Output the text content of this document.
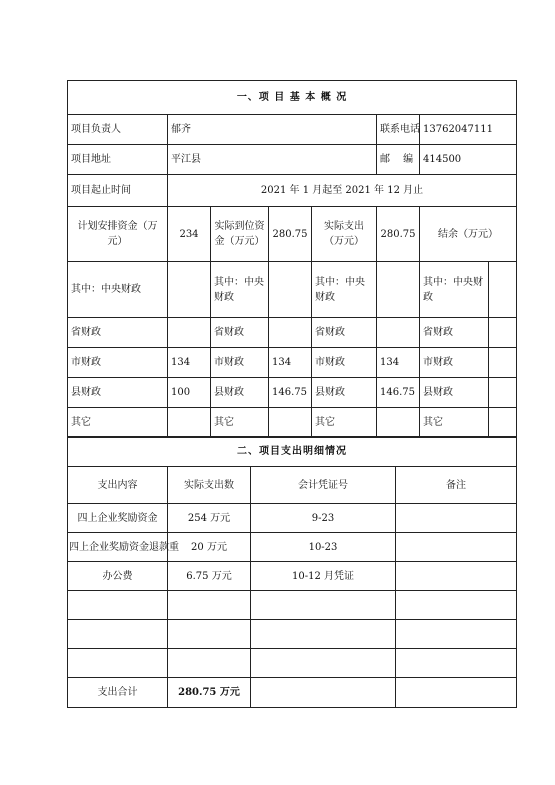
一、项 目 基 本 概 况							
项目负责人	郁齐				联系电话	13762047111	
项目地址	平江县				邮　 编	414500	
项目起止时间	2021 年 1 月起至 2021 年 12 月止						
计划安排资金（万元）	234	实际到位资金（万元）	280.75	实际支出（万元）	280.75	结余（万元）	
其中：中央财政		其中：中央财政		其中：中央财政		其中：中央财政	
省财政		省财政		省财政		省财政	
市财政	134	市财政	134	市财政	134	市财政	
县财政	100	县财政	146.75	县财政	146.75	县财政	
其它		其它		其它		其它	
二、项目支出明细情况			
支出内容	实际支出数	会计凭证号	备注
四上企业奖励资金	254 万元	9-23	
四上企业奖励资金退款重	20 万元	10-23	
办公费	6.75 万元	10-12 月凭证	

支出合计	280.75 万元		
